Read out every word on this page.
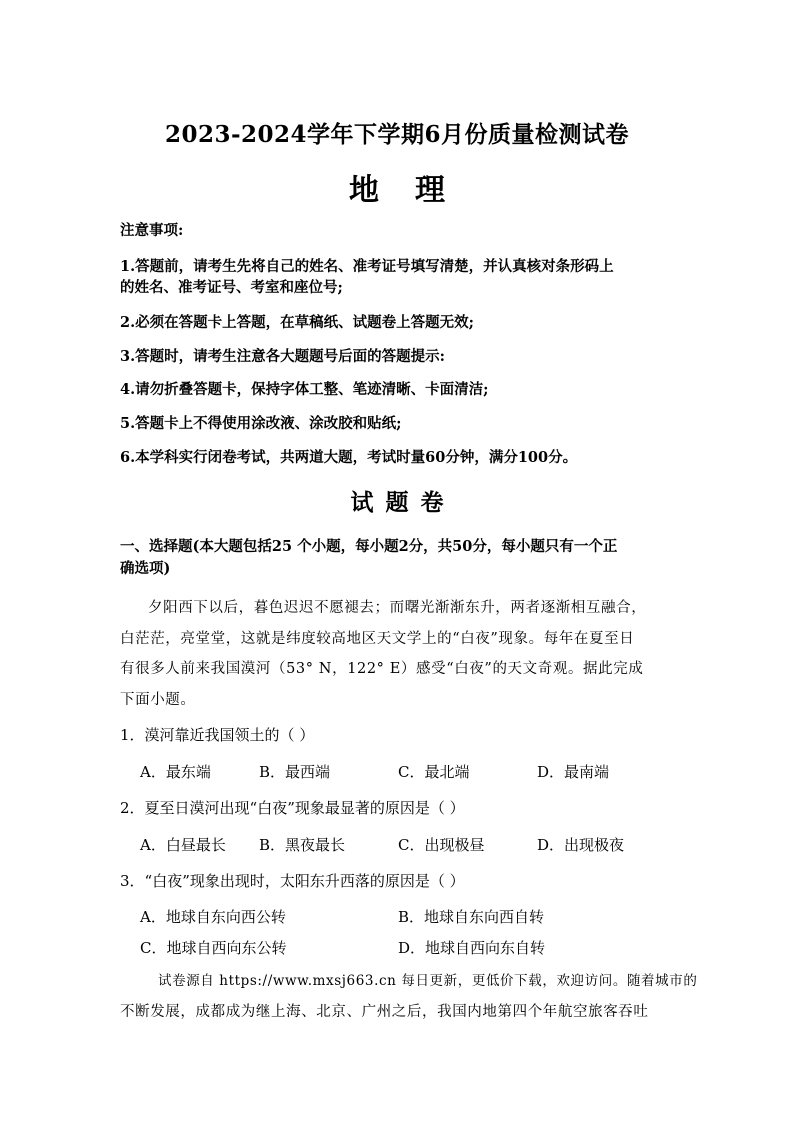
2023-2024学年下学期6月份质量检测试卷
地理
注意事项:
1.答题前，请考生先将自己的姓名、准考证号填写清楚，并认真核对条形码上
的姓名、准考证号、考室和座位号;
2.必须在答题卡上答题，在草稿纸、试题卷上答题无效;
3.答题时，请考生注意各大题题号后面的答题提示:
4.请勿折叠答题卡，保持字体工整、笔迹清晰、卡面清洁;
5.答题卡上不得使用涂改液、涂改胶和贴纸;
6.本学科实行闭卷考试，共两道大题，考试时量60分钟，满分100分。
试题卷
一、选择题(本大题包括25 个小题，每小题2分，共50分，每小题只有一个正
确选项)
夕阳西下以后，暮色迟迟不愿褪去；而曙光渐渐东升，两者逐渐相互融合，
白茫茫，亮堂堂，这就是纬度较高地区天文学上的“白夜”现象。每年在夏至日
有很多人前来我国漠河（53° N，122° E）感受“白夜”的天文奇观。据此完成
下面小题。
1．漠河靠近我国领土的（ ）
A．最东端	B．最西端	C．最北端	D．最南端
2．夏至日漠河出现“白夜”现象最显著的原因是（ ）
A．白昼最长 B．黑夜最长	C．出现极昼	D．出现极夜
3．“白夜”现象出现时，太阳东升西落的原因是（ ）
A．地球自东向西公转	B．地球自东向西自转
C．地球自西向东公转	D．地球自西向东自转
试卷源自 https://www.mxsj663.cn 每日更新，更低价下载，欢迎访问。随着城市的
不断发展，成都成为继上海、北京、广州之后，我国内地第四个年航空旅客吞吐
